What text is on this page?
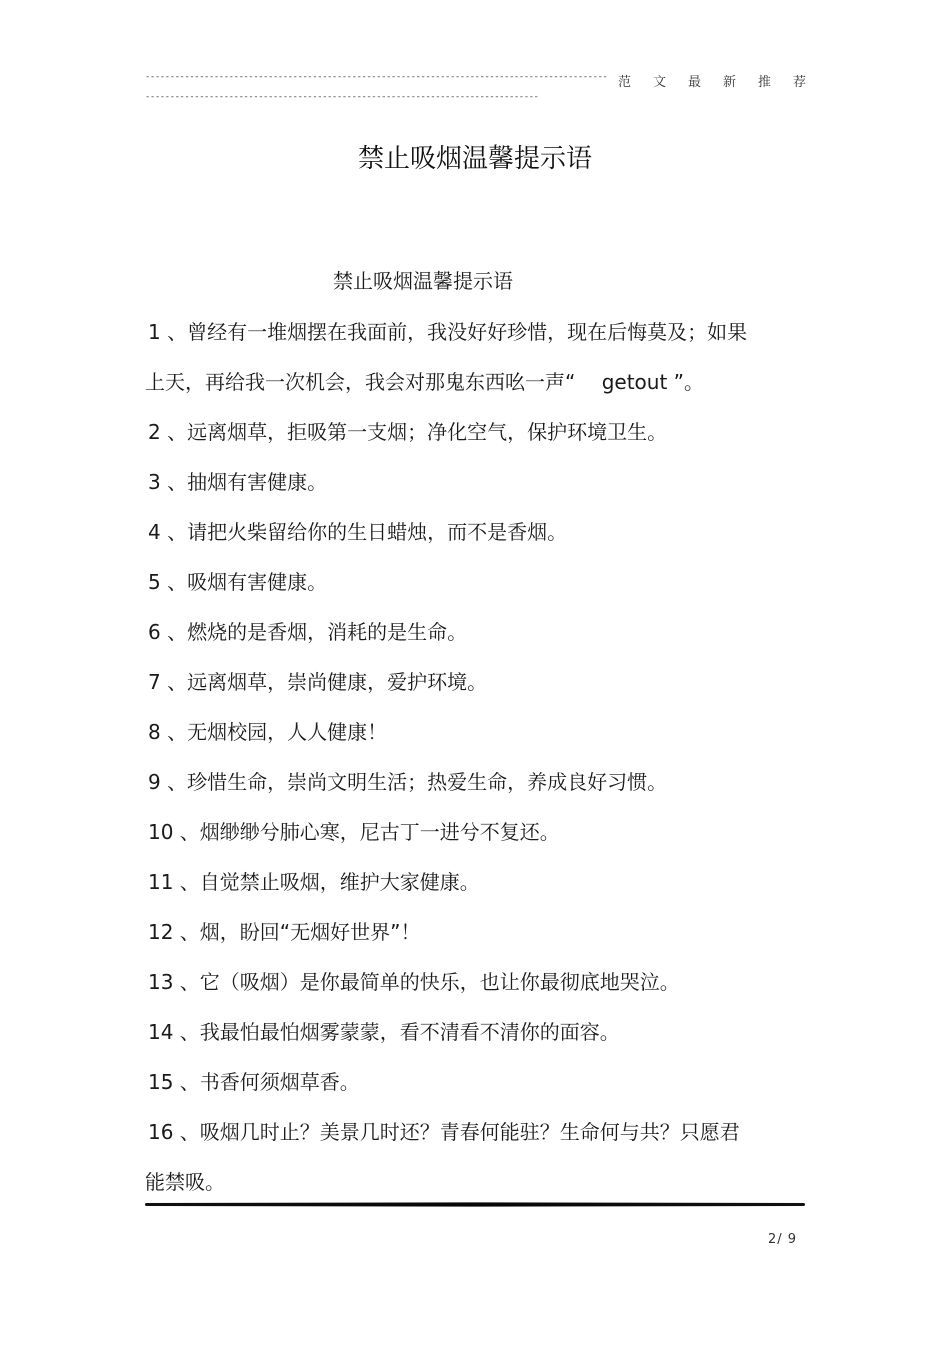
----------------------------------------------------------------------------------------------
--------------------------------------------------------------------------------
范文最新推荐
禁止吸烟温馨提示语
禁止吸烟温馨提示语
1 、曾经有一堆烟摆在我面前，我没好好珍惜，现在后悔莫及；如果
上天，再给我一次机会，我会对那鬼东西吆一声“　 getout ”。
2 、远离烟草，拒吸第一支烟；净化空气，保护环境卫生。
3 、抽烟有害健康。
4 、请把火柴留给你的生日蜡烛，而不是香烟。
5 、吸烟有害健康。
6 、燃烧的是香烟，消耗的是生命。
7 、远离烟草，崇尚健康，爱护环境。
8 、无烟校园，人人健康！
9 、珍惜生命，崇尚文明生活；热爱生命，养成良好习惯。
10 、烟缈缈兮肺心寒，尼古丁一进兮不复还。
11 、自觉禁止吸烟，维护大家健康。
12 、烟，盼回“无烟好世界”！
13 、它（吸烟）是你最简单的快乐，也让你最彻底地哭泣。
14 、我最怕最怕烟雾蒙蒙，看不清看不清你的面容。
15 、书香何须烟草香。
16 、吸烟几时止？美景几时还？青春何能驻？生命何与共？只愿君
能禁吸。
2/ 9
